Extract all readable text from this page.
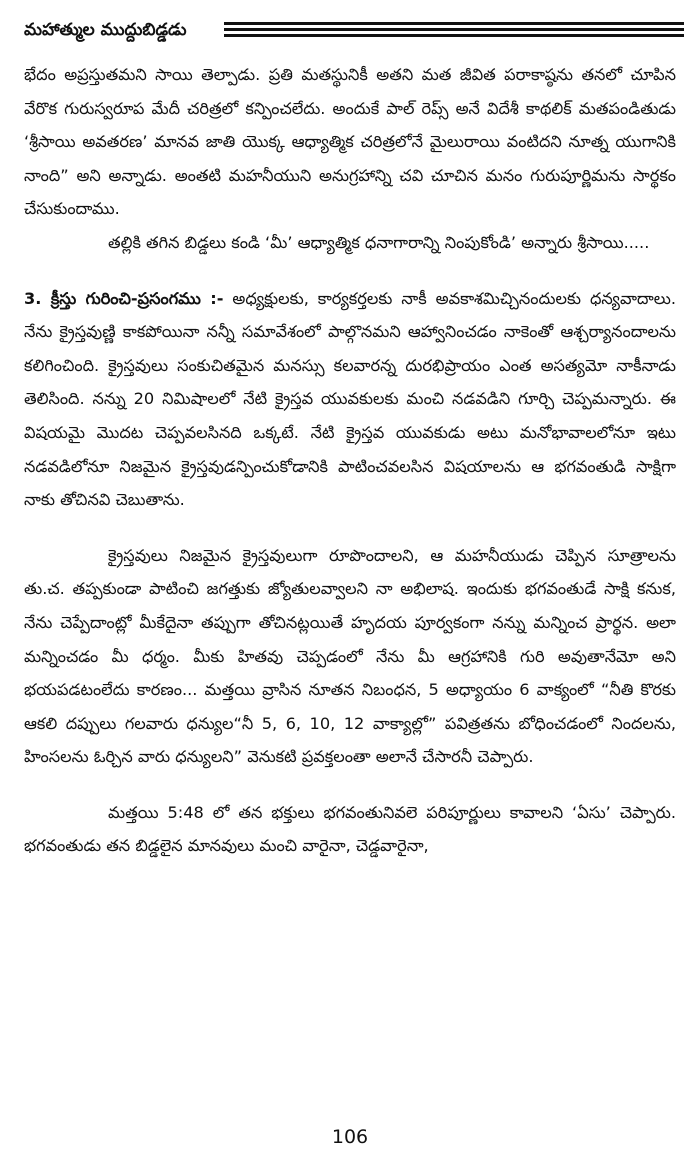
మహాత్ముల ముద్దుబిడ్డడు

భేదం అప్రస్తుతమని సాయి తెల్పాడు. ప్రతి మతస్థునికీ అతని మత జీవిత పరాకాష్ఠను తనలో చూపిన వేరొక గురుస్వరూప మేదీ చరిత్రలో కన్పించలేదు. అందుకే పాల్ రెప్స్ అనే విదేశీ కాథలిక్ మతపండితుడు ‘శ్రీసాయి అవతరణ’ మానవ జాతి యొక్క ఆధ్యాత్మిక చరిత్రలోనే మైలురాయి వంటిదని నూత్న యుగానికి నాంది” అని అన్నాడు. అంతటి మహనీయుని అనుగ్రహాన్ని చవి చూచిన మనం గురుపూర్ణిమను సార్థకం చేసుకుందాము.

తల్లికి తగిన బిడ్డలు కండి ‘మీ’ ఆధ్యాత్మిక ధనాగారాన్ని నింపుకోండి’ అన్నారు శ్రీసాయి.....

3. క్రీస్తు గురించి-ప్రసంగము :- అధ్యక్షులకు, కార్యకర్తలకు నాకీ అవకాశమిచ్చినందులకు ధన్యవాదాలు. నేను క్రైస్తవుణ్ణి కాకపోయినా నన్నీ సమావేశంలో పాల్గొనమని ఆహ్వానించడం నాకెంతో ఆశ్చర్యానందాలను కలిగించింది. క్రైస్తవులు సంకుచితమైన మనస్సు కలవారన్న దురభిప్రాయం ఎంత అసత్యమో నాకీనాడు తెలిసింది. నన్ను 20 నిమిషాలలో నేటి క్రైస్తవ యువకులకు మంచి నడవడిని గూర్చి చెప్పమన్నారు. ఈ విషయమై మొదట చెప్పవలసినది ఒక్కటే. నేటి క్రైస్తవ యువకుడు అటు మనోభావాలలోనూ ఇటు నడవడిలోనూ నిజమైన క్రైస్తవుడన్పించుకోడానికి పాటించవలసిన విషయాలను ఆ భగవంతుడి సాక్షిగా నాకు తోచినవి చెబుతాను.

క్రైస్తవులు నిజమైన క్రైస్తవులుగా రూపొందాలని, ఆ మహనీయుడు చెప్పిన సూత్రాలను తు.చ. తప్పకుండా పాటించి జగత్తుకు జ్యోతులవ్వాలని నా అభిలాష. ఇందుకు భగవంతుడే సాక్షి కనుక, నేను చెప్పేదాంట్లో మీకేదైనా తప్పుగా తోచినట్లయితే హృదయ పూర్వకంగా నన్ను మన్నించ ప్రార్థన. అలా మన్నించడం మీ ధర్మం. మీకు హితవు చెప్పడంలో నేను మీ ఆగ్రహానికి గురి అవుతానేమో అని భయపడటంలేదు కారణం... మత్తయి వ్రాసిన నూతన నిబంధన, 5 అధ్యాయం 6 వాక్యంలో “నీతి కొరకు ఆకలి దప్పులు గలవారు ధన్యుల“నీ 5, 6, 10, 12 వాక్యాల్లో” పవిత్రతను బోధించడంలో నిందలను, హింసలను ఓర్చిన వారు ధన్యులని” వెనుకటి ప్రవక్తలంతా అలానే చేసారనీ చెప్పారు.

మత్తయి 5:48 లో తన భక్తులు భగవంతునివలె పరిపూర్ణులు కావాలని ‘ఏసు’ చెప్పారు. భగవంతుడు తన బిడ్డలైన మానవులు మంచి వారైనా, చెడ్డవారైనా,

106
